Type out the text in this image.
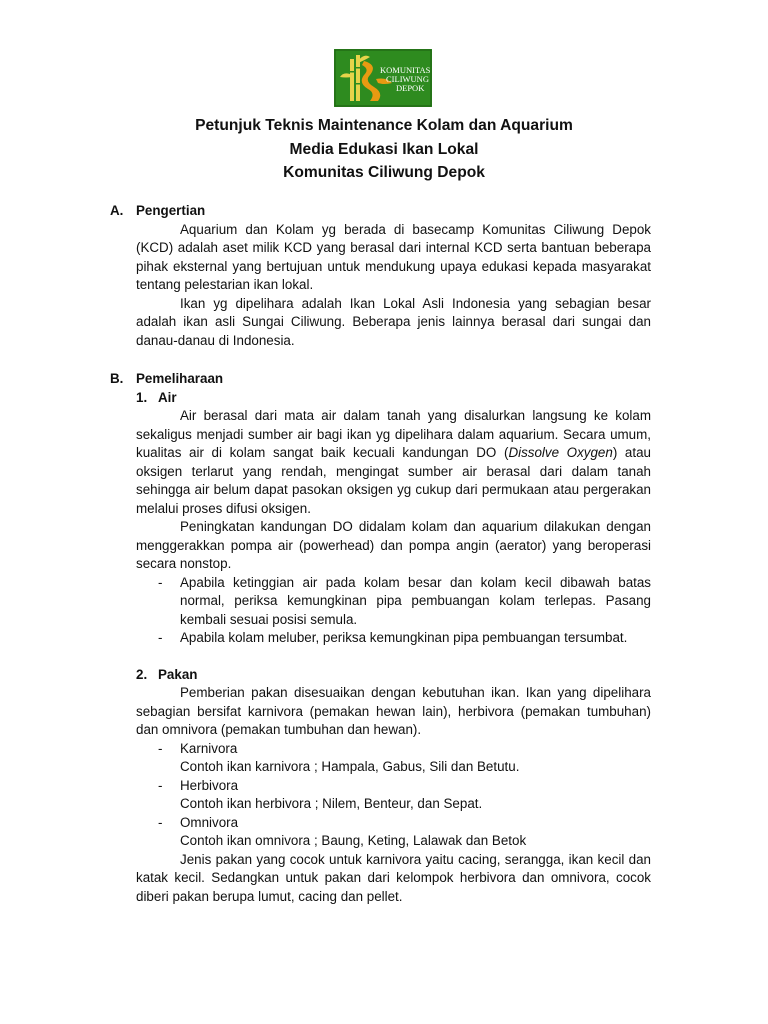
KOMUNITAS
CILIWUNG
DEPOK
Petunjuk Teknis Maintenance Kolam dan Aquarium
Media Edukasi Ikan Lokal
Komunitas Ciliwung Depok
A. Pengertian

Aquarium dan Kolam yg berada di basecamp Komunitas Ciliwung Depok (KCD) adalah aset milik KCD yang berasal dari internal KCD serta bantuan beberapa pihak eksternal yang bertujuan untuk mendukung upaya edukasi kepada masyarakat tentang pelestarian ikan lokal.

Ikan yg dipelihara adalah Ikan Lokal Asli Indonesia yang sebagian besar adalah ikan asli Sungai Ciliwung. Beberapa jenis lainnya berasal dari sungai dan danau-danau di Indonesia.

B. Pemeliharaan
1. Air

Air berasal dari mata air dalam tanah yang disalurkan langsung ke kolam sekaligus menjadi sumber air bagi ikan yg dipelihara dalam aquarium. Secara umum, kualitas air di kolam sangat baik kecuali kandungan DO (Dissolve Oxygen) atau oksigen terlarut yang rendah, mengingat sumber air berasal dari dalam tanah sehingga air belum dapat pasokan oksigen yg cukup dari permukaan atau pergerakan melalui proses difusi oksigen.

Peningkatan kandungan DO didalam kolam dan aquarium dilakukan dengan menggerakkan pompa air (powerhead) dan pompa angin (aerator) yang beroperasi secara nonstop.

- Apabila ketinggian air pada kolam besar dan kolam kecil dibawah batas normal, periksa kemungkinan pipa pembuangan kolam terlepas. Pasang kembali sesuai posisi semula.
- Apabila kolam meluber, periksa kemungkinan pipa pembuangan tersumbat.
2. Pakan

Pemberian pakan disesuaikan dengan kebutuhan ikan. Ikan yang dipelihara sebagian bersifat karnivora (pemakan hewan lain), herbivora (pemakan tumbuhan) dan omnivora (pemakan tumbuhan dan hewan).

- Karnivora
Contoh ikan karnivora ; Hampala, Gabus, Sili dan Betutu.
- Herbivora
Contoh ikan herbivora ; Nilem, Benteur, dan Sepat.
- Omnivora
Contoh ikan omnivora ; Baung, Keting, Lalawak dan Betok

Jenis pakan yang cocok untuk karnivora yaitu cacing, serangga, ikan kecil dan katak kecil. Sedangkan untuk pakan dari kelompok herbivora dan omnivora, cocok diberi pakan berupa lumut, cacing dan pellet.
